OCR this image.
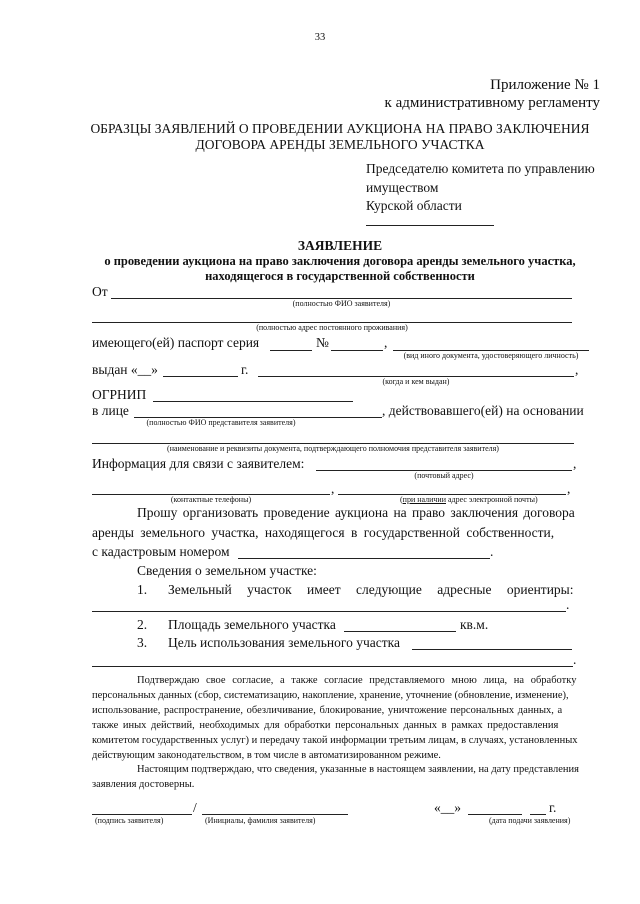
33
Приложение № 1
к административному регламенту
ОБРАЗЦЫ ЗАЯВЛЕНИЙ О ПРОВЕДЕНИИ АУКЦИОНА НА ПРАВО ЗАКЛЮЧЕНИЯ
ДОГОВОРА АРЕНДЫ ЗЕМЕЛЬНОГО УЧАСТКА
Председателю комитета по управлению
имуществом
Курской области
ЗАЯВЛЕНИЕ
о проведении аукциона на право заключения договора аренды земельного участка,
находящегося в государственной собственности
От
(полностью ФИО заявителя)
(полностью адрес постоянного проживания)
имеющего(ей) паспорт серия	№	,
(вид иного документа, удостоверяющего личность)
выдан «__»	г.	,
(когда и кем выдан)
ОГРНИП
в лице	, действовавшего(ей) на основании
(полностью ФИО представителя заявителя)
(наименование и реквизиты документа, подтверждающего полномочия представителя заявителя)
Информация для связи с заявителем:	,
(почтовый адрес)
,	,
(контактные телефоны)	(при наличии адрес электронной почты)
Прошу организовать проведение аукциона на право заключения договора
аренды земельного участка, находящегося в государственной собственности,
с кадастровым номером	.
Сведения о земельном участке:
1. Земельный участок имеет следующие адресные ориентиры:
.
2. Площадь земельного участка	кв.м.
3. Цель использования земельного участка
.
Подтверждаю свое согласие, а также согласие представляемого мною лица, на обработку
персональных данных (сбор, систематизацию, накопление, хранение, уточнение (обновление, изменение),
использование, распространение, обезличивание, блокирование, уничтожение персональных данных, а
также иных действий, необходимых для обработки персональных данных в рамках предоставления
комитетом государственных услуг) и передачу такой информации третьим лицам, в случаях, установленных
действующим законодательством, в том числе в автоматизированном режиме.
Настоящим подтверждаю, что сведения, указанные в настоящем заявлении, на дату представления
заявления достоверны.
/	«__»	г.
(подпись заявителя)	(Инициалы, фамилия заявителя)	(дата подачи заявления)
